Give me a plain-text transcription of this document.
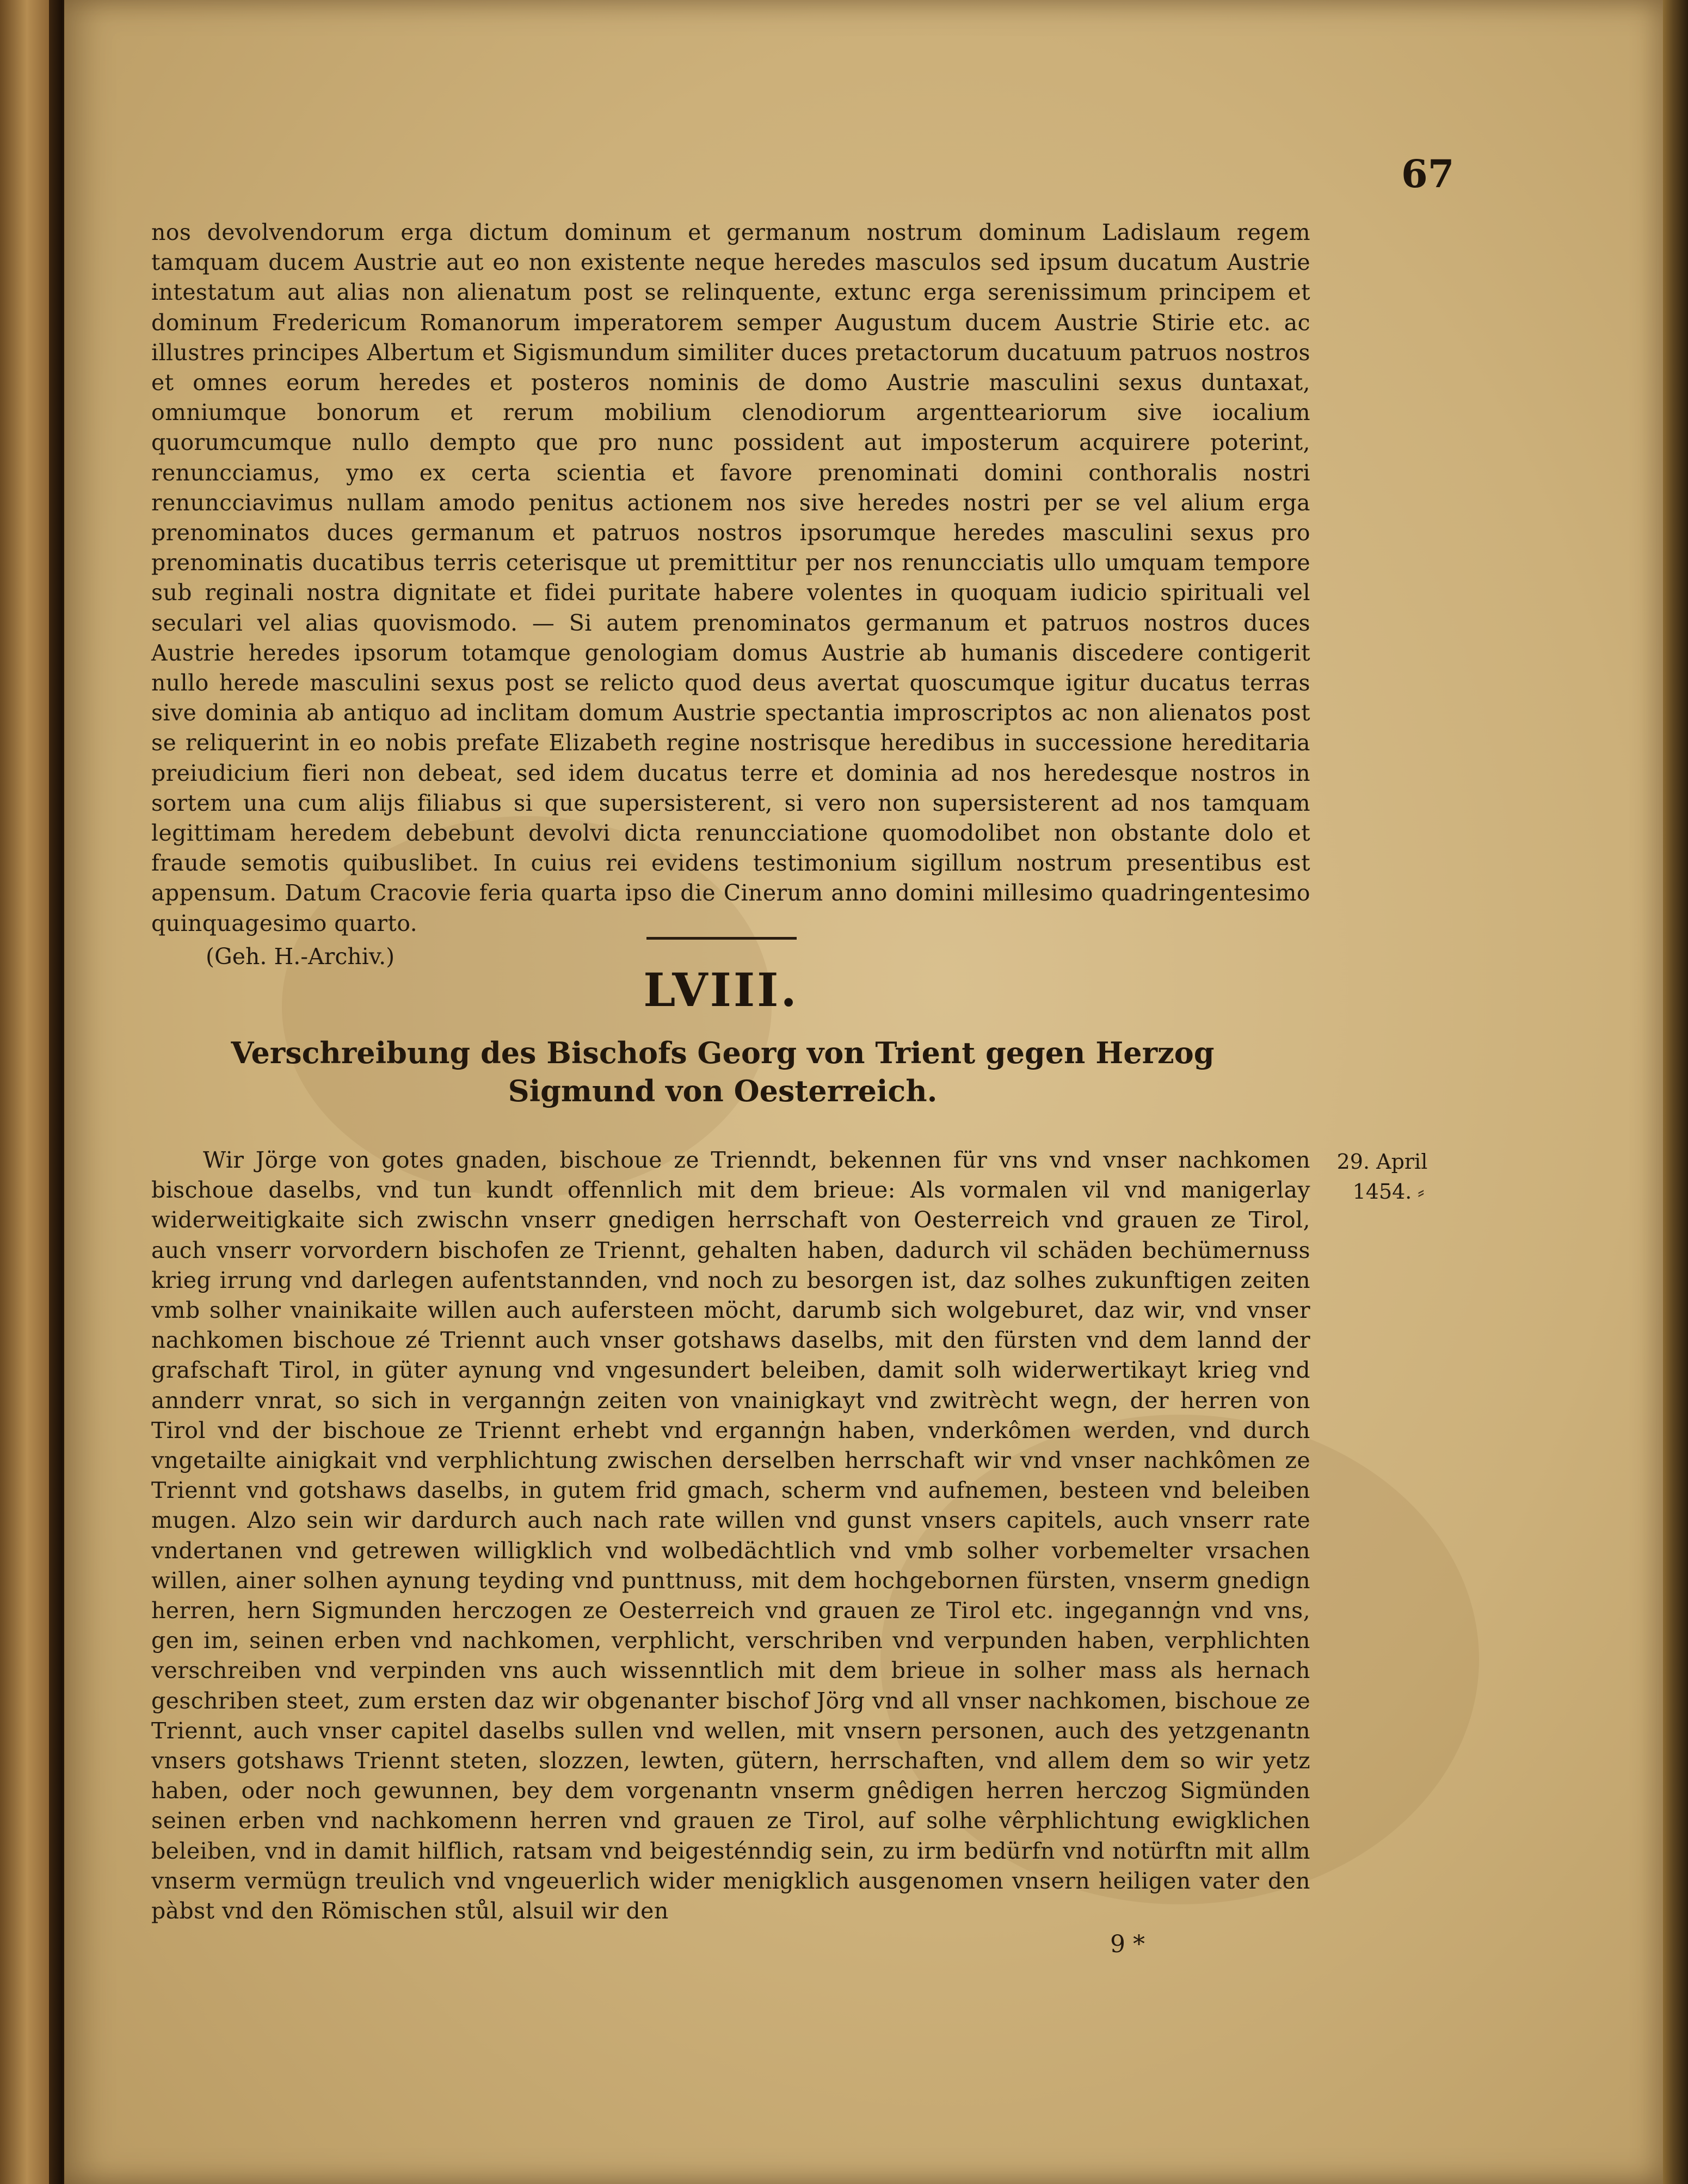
67

nos devolvendorum erga dictum dominum et germanum nostrum dominum Ladislaum regem tamquam ducem Austrie aut eo non existente neque heredes masculos sed ipsum ducatum Austrie intestatum aut alias non alienatum post se relinquente, extunc erga serenissimum principem et dominum Fredericum Romanorum imperatorem semper Augustum ducem Austrie Stirie etc. ac illustres principes Albertum et Sigismundum similiter duces pretactorum ducatuum patruos nostros et omnes eorum heredes et posteros nominis de domo Austrie masculini sexus duntaxat, omniumque bonorum et rerum mobilium clenodiorum argentteariorum sive iocalium quorumcumque nullo dempto que pro nunc possident aut imposterum acquirere poterint, renuncciamus, ymo ex certa scientia et favore prenominati domini conthoralis nostri renuncciavimus nullam amodo penitus actionem nos sive heredes nostri per se vel alium erga prenominatos duces germanum et patruos nostros ipsorumque heredes masculini sexus pro prenominatis ducatibus terris ceterisque ut premittitur per nos renuncciatis ullo umquam tempore sub reginali nostra dignitate et fidei puritate habere volentes in quoquam iudicio spirituali vel seculari vel alias quovismodo. — Si autem prenominatos germanum et patruos nostros duces Austrie heredes ipsorum totamque genologiam domus Austrie ab humanis discedere contigerit nullo herede masculini sexus post se relicto quod deus avertat quoscumque igitur ducatus terras sive dominia ab antiquo ad inclitam domum Austrie spectantia improscriptos ac non alienatos post se reliquerint in eo nobis prefate Elizabeth regine nostrisque heredibus in successione hereditaria preiudicium fieri non debeat, sed idem ducatus terre et dominia ad nos heredesque nostros in sortem una cum alijs filiabus si que supersisterent, si vero non supersisterent ad nos tamquam legittimam heredem debebunt devolvi dicta renuncciatione quomodolibet non obstante dolo et fraude semotis quibuslibet. In cuius rei evidens testimonium sigillum nostrum presentibus est appensum. Datum Cracovie feria quarta ipso die Cinerum anno domini millesimo quadringentesimo quinquagesimo quarto.

(Geh. H.-Archiv.)

LVIII.
Verschreibung des Bischofs Georg von Trient gegen Herzog Sigmund von Oesterreich.

29. April 1454. ⸗

Wir Jörge von gotes gnaden, bischoue ze Trienndt, bekennen für vns vnd vnser nachkomen bischoue daselbs, vnd tun kundt offennlich mit dem brieue: Als vormalen vil vnd manigerlay widerweitigkaite sich zwischn vnserr gnedigen herrschaft von Oesterreich vnd grauen ze Tirol, auch vnserr vorvordern bischofen ze Triennt, gehalten haben, dadurch vil schäden bechümernuss krieg irrung vnd darlegen aufentstannden, vnd noch zu besorgen ist, daz solhes zukunftigen zeiten vmb solher vnainikaite willen auch aufersteen möcht, darumb sich wolgeburet, daz wir, vnd vnser nachkomen bischoue zé Triennt auch vnser gotshaws daselbs, mit den fürsten vnd dem lannd der grafschaft Tirol, in güter aynung vnd vngesundert beleiben, damit solh widerwertikayt krieg vnd annderr vnrat, so sich in vergannġn zeiten von vnainigkayt vnd zwitrècht wegn, der herren von Tirol vnd der bischoue ze Triennt erhebt vnd ergannġn haben, vnderkômen werden, vnd durch vngetailte ainigkait vnd verphlichtung zwischen derselben herrschaft wir vnd vnser nachkômen ze Triennt vnd gotshaws daselbs, in gutem frid gmach, scherm vnd aufnemen, besteen vnd beleiben mugen. Alzo sein wir dardurch auch nach rate willen vnd gunst vnsers capitels, auch vnserr rate vndertanen vnd getrewen willigklich vnd wolbedächtlich vnd vmb solher vorbemelter vrsachen willen, ainer solhen aynung teyding vnd punttnuss, mit dem hochgebornen fürsten, vnserm gnedign herren, hern Sigmunden herczogen ze Oesterreich vnd grauen ze Tirol etc. ingegannġn vnd vns, gen im, seinen erben vnd nachkomen, verphlicht, verschriben vnd verpunden haben, verphlichten verschreiben vnd verpinden vns auch wissenntlich mit dem brieue in solher mass als hernach geschriben steet, zum ersten daz wir obgenanter bischof Jörg vnd all vnser nachkomen, bischoue ze Triennt, auch vnser capitel daselbs sullen vnd wellen, mit vnsern personen, auch des yetzgenantn vnsers gotshaws Triennt steten, slozzen, lewten, gütern, herrschaften, vnd allem dem so wir yetz haben, oder noch gewunnen, bey dem vorgenantn vnserm gnêdigen herren herczog Sigmünden seinen erben vnd nachkomenn herren vnd grauen ze Tirol, auf solhe vêrphlichtung ewigklichen beleiben, vnd in damit hilflich, ratsam vnd beigesténndig sein, zu irm bedürfn vnd notürftn mit allm vnserm vermügn treulich vnd vngeuerlich wider menigklich ausgenomen vnsern heiligen vater den pàbst vnd den Römischen stůl, alsuil wir den

9 *
